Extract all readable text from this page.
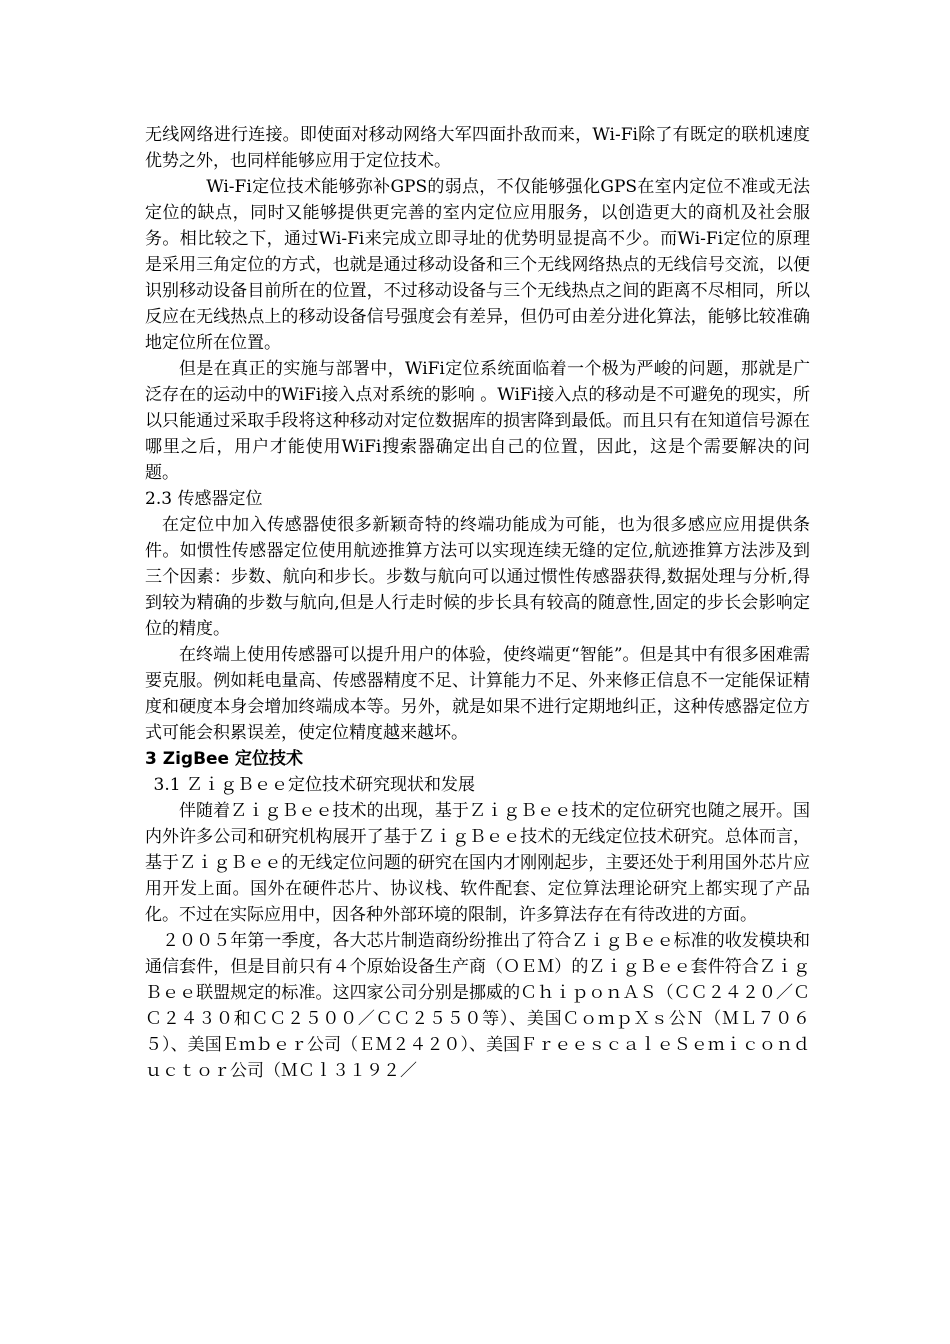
无线网络进行连接。即使面对移动网络大军四面扑敌而来，Wi-Fi除了有既定的联机速度优势之外，也同样能够应用于定位技术。

Wi-Fi定位技术能够弥补GPS的弱点，不仅能够强化GPS在室内定位不准或无法定位的缺点，同时又能够提供更完善的室内定位应用服务，以创造更大的商机及社会服务。相比较之下，通过Wi-Fi来完成立即寻址的优势明显提高不少。而Wi-Fi定位的原理是采用三角定位的方式，也就是通过移动设备和三个无线网络热点的无线信号交流，以便识别移动设备目前所在的位置，不过移动设备与三个无线热点之间的距离不尽相同，所以反应在无线热点上的移动设备信号强度会有差异，但仍可由差分进化算法，能够比较准确地定位所在位置。

但是在真正的实施与部署中，WiFi定位系统面临着一个极为严峻的问题，那就是广泛存在的运动中的WiFi接入点对系统的影响 。WiFi接入点的移动是不可避免的现实，所以只能通过采取手段将这种移动对定位数据库的损害降到最低。而且只有在知道信号源在哪里之后，用户才能使用WiFi搜索器确定出自己的位置，因此，这是个需要解决的问题。

2.3 传感器定位

在定位中加入传感器使很多新颖奇特的终端功能成为可能，也为很多感应应用提供条件。如惯性传感器定位使用航迹推算方法可以实现连续无缝的定位,航迹推算方法涉及到三个因素：步数、航向和步长。步数与航向可以通过惯性传感器获得,数据处理与分析,得到较为精确的步数与航向,但是人行走时候的步长具有较高的随意性,固定的步长会影响定位的精度。

在终端上使用传感器可以提升用户的体验，使终端更“智能”。但是其中有很多困难需要克服。例如耗电量高、传感器精度不足、计算能力不足、外来修正信息不一定能保证精度和硬度本身会增加终端成本等。另外，就是如果不进行定期地纠正，这种传感器定位方式可能会积累误差，使定位精度越来越坏。

3 ZigBee 定位技术

3.1 ＺｉｇＢｅｅ定位技术研究现状和发展

伴随着ＺｉｇＢｅｅ技术的出现，基于ＺｉｇＢｅｅ技术的定位研究也随之展开。国内外许多公司和研究机构展开了基于ＺｉｇＢｅｅ技术的无线定位技术研究。总体而言，基于ＺｉｇＢｅｅ的无线定位问题的研究在国内才刚刚起步，主要还处于利用国外芯片应用开发上面。国外在硬件芯片、协议栈、软件配套、定位算法理论研究上都实现了产品化。不过在实际应用中，因各种外部环境的限制，许多算法存在有待改进的方面。

２００５年第一季度，各大芯片制造商纷纷推出了符合ＺｉｇＢｅｅ标准的收发模块和通信套件，但是目前只有４个原始设备生产商（ＯＥＭ）的ＺｉｇＢｅｅ套件符合ＺｉｇＢｅｅ联盟规定的标准。这四家公司分别是挪威的ＣｈｉｐｏｎＡＳ（ＣＣ２４２０／ＣＣ２４３０和ＣＣ２５００／ＣＣ２５５０等）、美国ＣｏｍｐＸｓ公Ｎ（ＭＬ７０６５）、美国Ｅｍｂｅｒ公司（ＥＭ２４２０）、美国ＦｒｅｅｓｃａｌｅＳｅｍｉｃｏｎｄｕｃｔｏｒ公司（ＭＣｌ３１９２／
